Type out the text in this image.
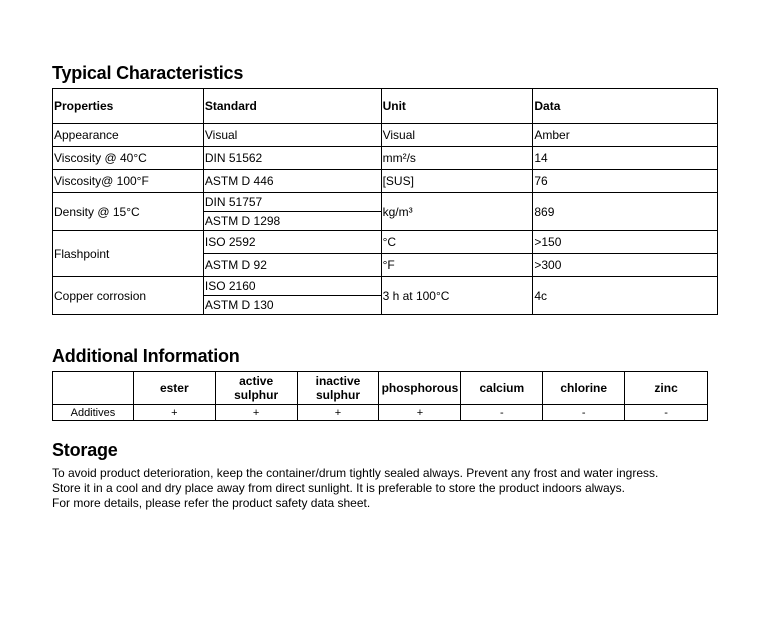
Typical Characteristics
Properties	Standard	Unit	Data
Appearance	Visual	Visual	Amber
Viscosity @ 40°C	DIN 51562	mm²/s	14
Viscosity@ 100°F	ASTM D 446	[SUS]	76
Density @ 15°C	DIN 51757	kg/m³	869
	ASTM D 1298		
Flashpoint	ISO 2592	°C	>150
	ASTM D 92	°F	>300
Copper corrosion	ISO 2160	3 h at 100°C	4c
	ASTM D 130		
Additional Information
	ester	active sulphur	inactive sulphur	phosphorous	calcium	chlorine	zinc
Additives	+	+	+	+	-	-	-
Storage

To avoid product deterioration, keep the container/drum tightly sealed always. Prevent any frost and water ingress.

Store it in a cool and dry place away from direct sunlight. It is preferable to store the product indoors always.

For more details, please refer the product safety data sheet.
